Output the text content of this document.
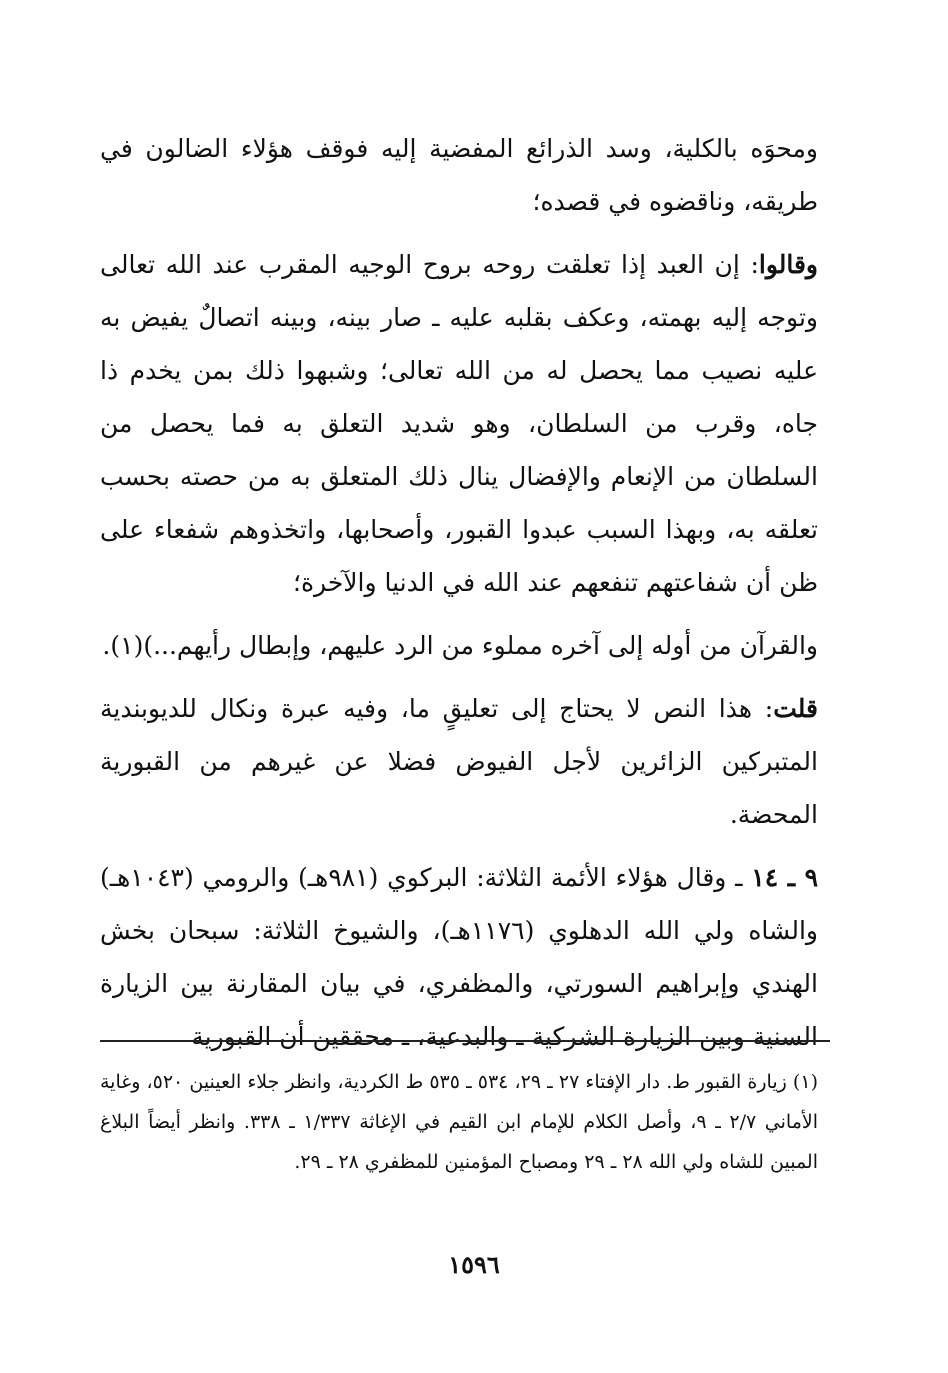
ومحوَه بالكلية، وسد الذرائع المفضية إليه فوقف هؤلاء الضالون في طريقه، وناقضوه في قصده؛

وقالوا: إن العبد إذا تعلقت روحه بروح الوجيه المقرب عند الله تعالى وتوجه إليه بهمته، وعكف بقلبه عليه ـ صار بينه، وبينه اتصالٌ يفيض به عليه نصيب مما يحصل له من الله تعالى؛ وشبهوا ذلك بمن يخدم ذا جاه، وقرب من السلطان، وهو شديد التعلق به فما يحصل من السلطان من الإنعام والإفضال ينال ذلك المتعلق به من حصته بحسب تعلقه به، وبهذا السبب عبدوا القبور، وأصحابها، واتخذوهم شفعاء على ظن أن شفاعتهم تنفعهم عند الله في الدنيا والآخرة؛

والقرآن من أوله إلى آخره مملوء من الرد عليهم، وإبطال رأيهم...)(١).

قلت: هذا النص لا يحتاج إلى تعليقٍ ما، وفيه عبرة ونكال للديوبندية المتبركين الزائرين لأجل الفيوض فضلا عن غيرهم من القبورية المحضة.

٩ ـ ١٤ ـ وقال هؤلاء الأئمة الثلاثة: البركوي (٩٨١هـ) والرومي (١٠٤٣هـ) والشاه ولي الله الدهلوي (١١٧٦هـ)، والشيوخ الثلاثة: سبحان بخش الهندي وإبراهيم السورتي، والمظفري، في بيان المقارنة بين الزيارة السنية وبين الزيارة الشركية ـ والبدعية، ـ محققين أن القبورية

(١) زيارة القبور ط. دار الإفتاء ٢٧ ـ ٢٩، ٥٣٤ ـ ٥٣٥ ط الكردية، وانظر جلاء العينين ٥٢٠، وغاية الأماني ٢/٧ ـ ٩، وأصل الكلام للإمام ابن القيم في الإغاثة ١/٣٣٧ ـ ٣٣٨. وانظر أيضاً البلاغ المبين للشاه ولي الله ٢٨ ـ ٢٩ ومصباح المؤمنين للمظفري ٢٨ ـ ٢٩.

١٥٩٦
